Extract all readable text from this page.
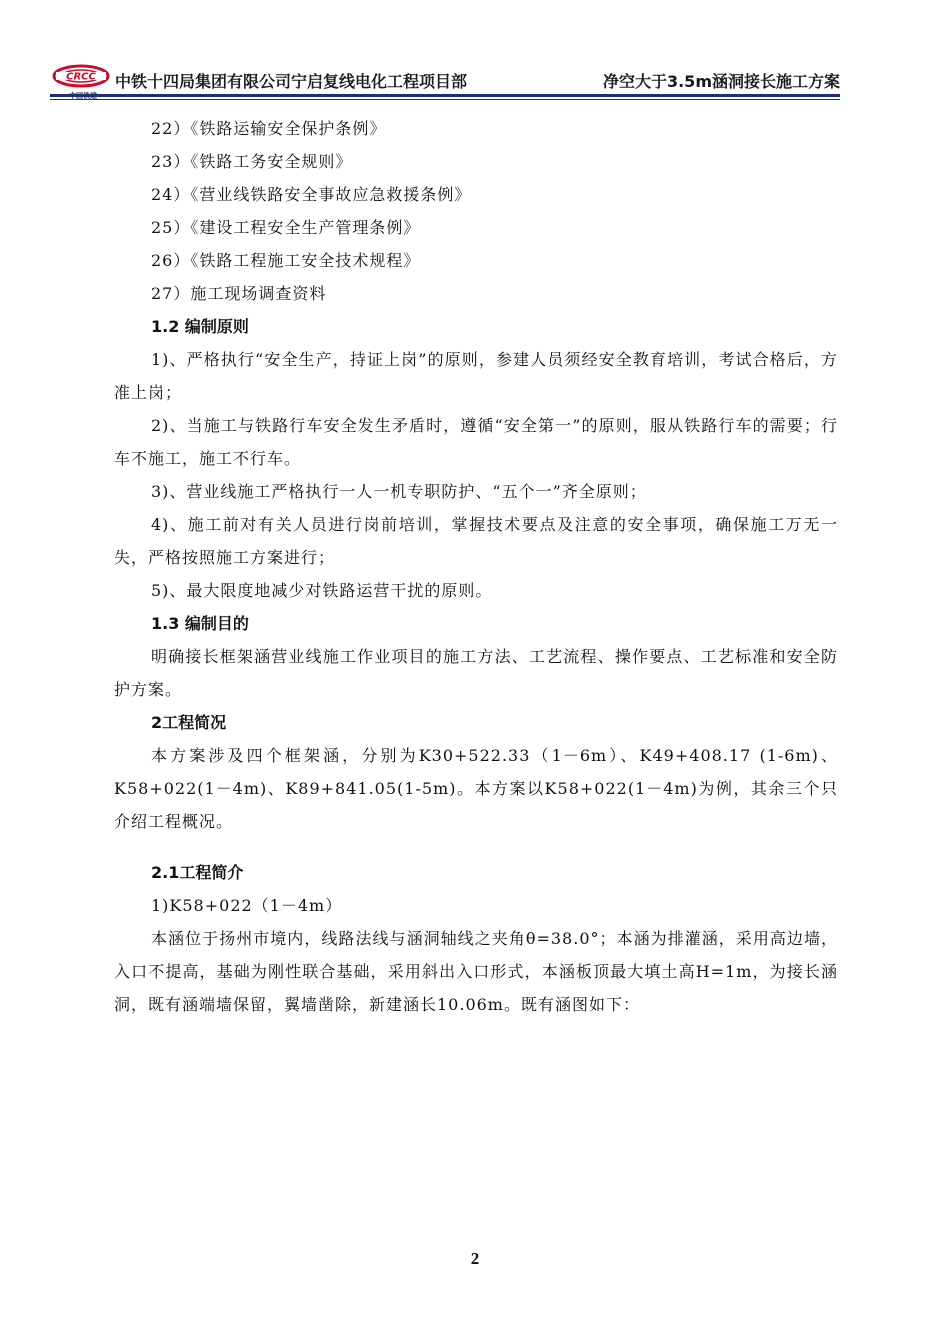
CRCC 中铁十四局集团有限公司宁启复线电化工程项目部	净空大于3.5m涵洞接长施工方案

22）《铁路运输安全保护条例》

23）《铁路工务安全规则》

24）《营业线铁路安全事故应急救援条例》

25）《建设工程安全生产管理条例》

26）《铁路工程施工安全技术规程》

27）施工现场调查资料

1.2 编制原则

1)、严格执行“安全生产，持证上岗”的原则，参建人员须经安全教育培训，考试合格后，方准上岗；

2)、当施工与铁路行车安全发生矛盾时，遵循“安全第一”的原则，服从铁路行车的需要；行车不施工，施工不行车。

3)、营业线施工严格执行一人一机专职防护、“五个一”齐全原则；

4)、施工前对有关人员进行岗前培训，掌握技术要点及注意的安全事项，确保施工万无一失，严格按照施工方案进行；

5)、最大限度地减少对铁路运营干扰的原则。

1.3 编制目的

明确接长框架涵营业线施工作业项目的施工方法、工艺流程、操作要点、工艺标准和安全防护方案。

2工程简况

本方案涉及四个框架涵，分别为K30+522.33（1－6m）、K49+408.17 (1-6m)、K58+022(1－4m)、K89+841.05(1-5m)。本方案以K58+022(1－4m)为例，其余三个只介绍工程概况。

2.1工程简介

1)K58+022（1－4m）

本涵位于扬州市境内，线路法线与涵洞轴线之夹角θ=38.0°；本涵为排灌涵，采用高边墙，入口不提高，基础为刚性联合基础，采用斜出入口形式，本涵板顶最大填土高H=1m，为接长涵洞，既有涵端墙保留，翼墙凿除，新建涵长10.06m。既有涵图如下：

2
